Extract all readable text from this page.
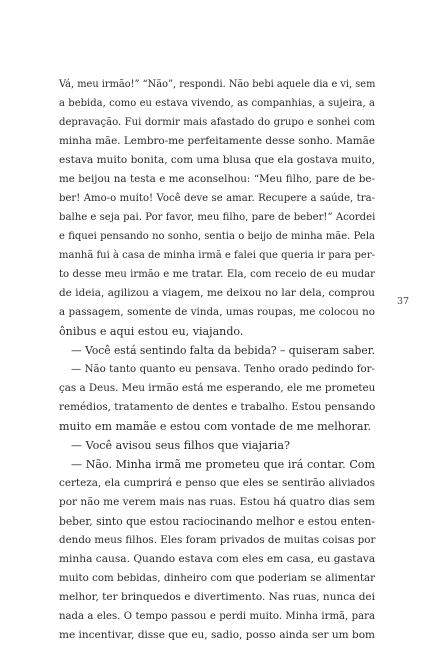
Vá, meu irmão!” “Não”, respondi. Não bebi aquele dia e vi, sem
a bebida, como eu estava vivendo, as companhias, a sujeira, a
depravação. Fui dormir mais afastado do grupo e sonhei com
minha mãe. Lembro-me perfeitamente desse sonho. Mamãe
estava muito bonita, com uma blusa que ela gostava muito,
me beijou na testa e me aconselhou: “Meu filho, pare de be-
ber! Amo-o muito! Você deve se amar. Recupere a saúde, tra-
balhe e seja pai. Por favor, meu filho, pare de beber!” Acordei
e fiquei pensando no sonho, sentia o beijo de minha mãe. Pela
manhã fui à casa de minha irmã e falei que queria ir para per-
to desse meu irmão e me tratar. Ela, com receio de eu mudar
de ideia, agilizou a viagem, me deixou no lar dela, comprou
a passagem, somente de vinda, umas roupas, me colocou no
ônibus e aqui estou eu, viajando.
— Você está sentindo falta da bebida? – quiseram saber.
— Não tanto quanto eu pensava. Tenho orado pedindo for-
ças a Deus. Meu irmão está me esperando, ele me prometeu
remédios, tratamento de dentes e trabalho. Estou pensando
muito em mamãe e estou com vontade de me melhorar.
— Você avisou seus filhos que viajaria?
— Não. Minha irmã me prometeu que irá contar. Com
certeza, ela cumprirá e penso que eles se sentirão aliviados
por não me verem mais nas ruas. Estou há quatro dias sem
beber, sinto que estou raciocinando melhor e estou enten-
dendo meus filhos. Eles foram privados de muitas coisas por
minha causa. Quando estava com eles em casa, eu gastava
muito com bebidas, dinheiro com que poderiam se alimentar
melhor, ter brinquedos e divertimento. Nas ruas, nunca dei
nada a eles. O tempo passou e perdi muito. Minha irmã, para
me incentivar, disse que eu, sadio, posso ainda ser um bom
37
